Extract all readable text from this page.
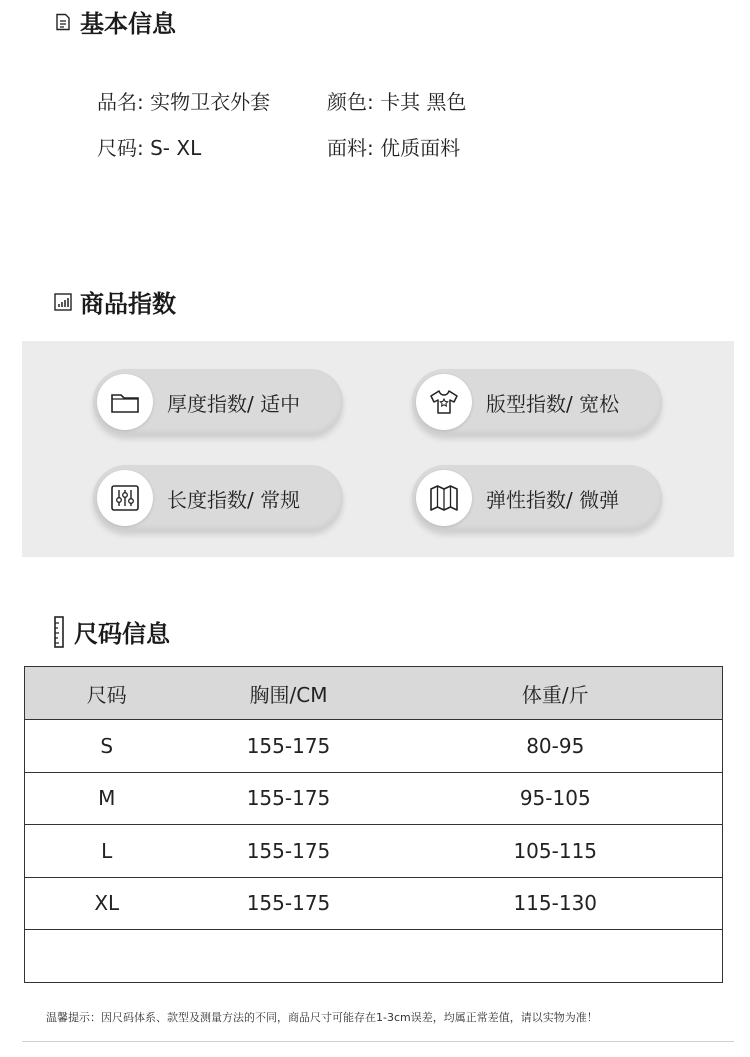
基本信息
品名: 实物卫衣外套	颜色: 卡其 黑色
尺码: S- XL	面料: 优质面料
商品指数
厚度指数/ 适中	版型指数/ 宽松
长度指数/ 常规	弹性指数/ 微弹
尺码信息
尺码	胸围/CM	体重/斤
S	155-175	80-95
M	155-175	95-105
L	155-175	105-115
XL	155-175	115-130

温馨提示：因尺码体系、款型及测量方法的不同，商品尺寸可能存在1-3cm误差，均属正常差值，请以实物为准！
